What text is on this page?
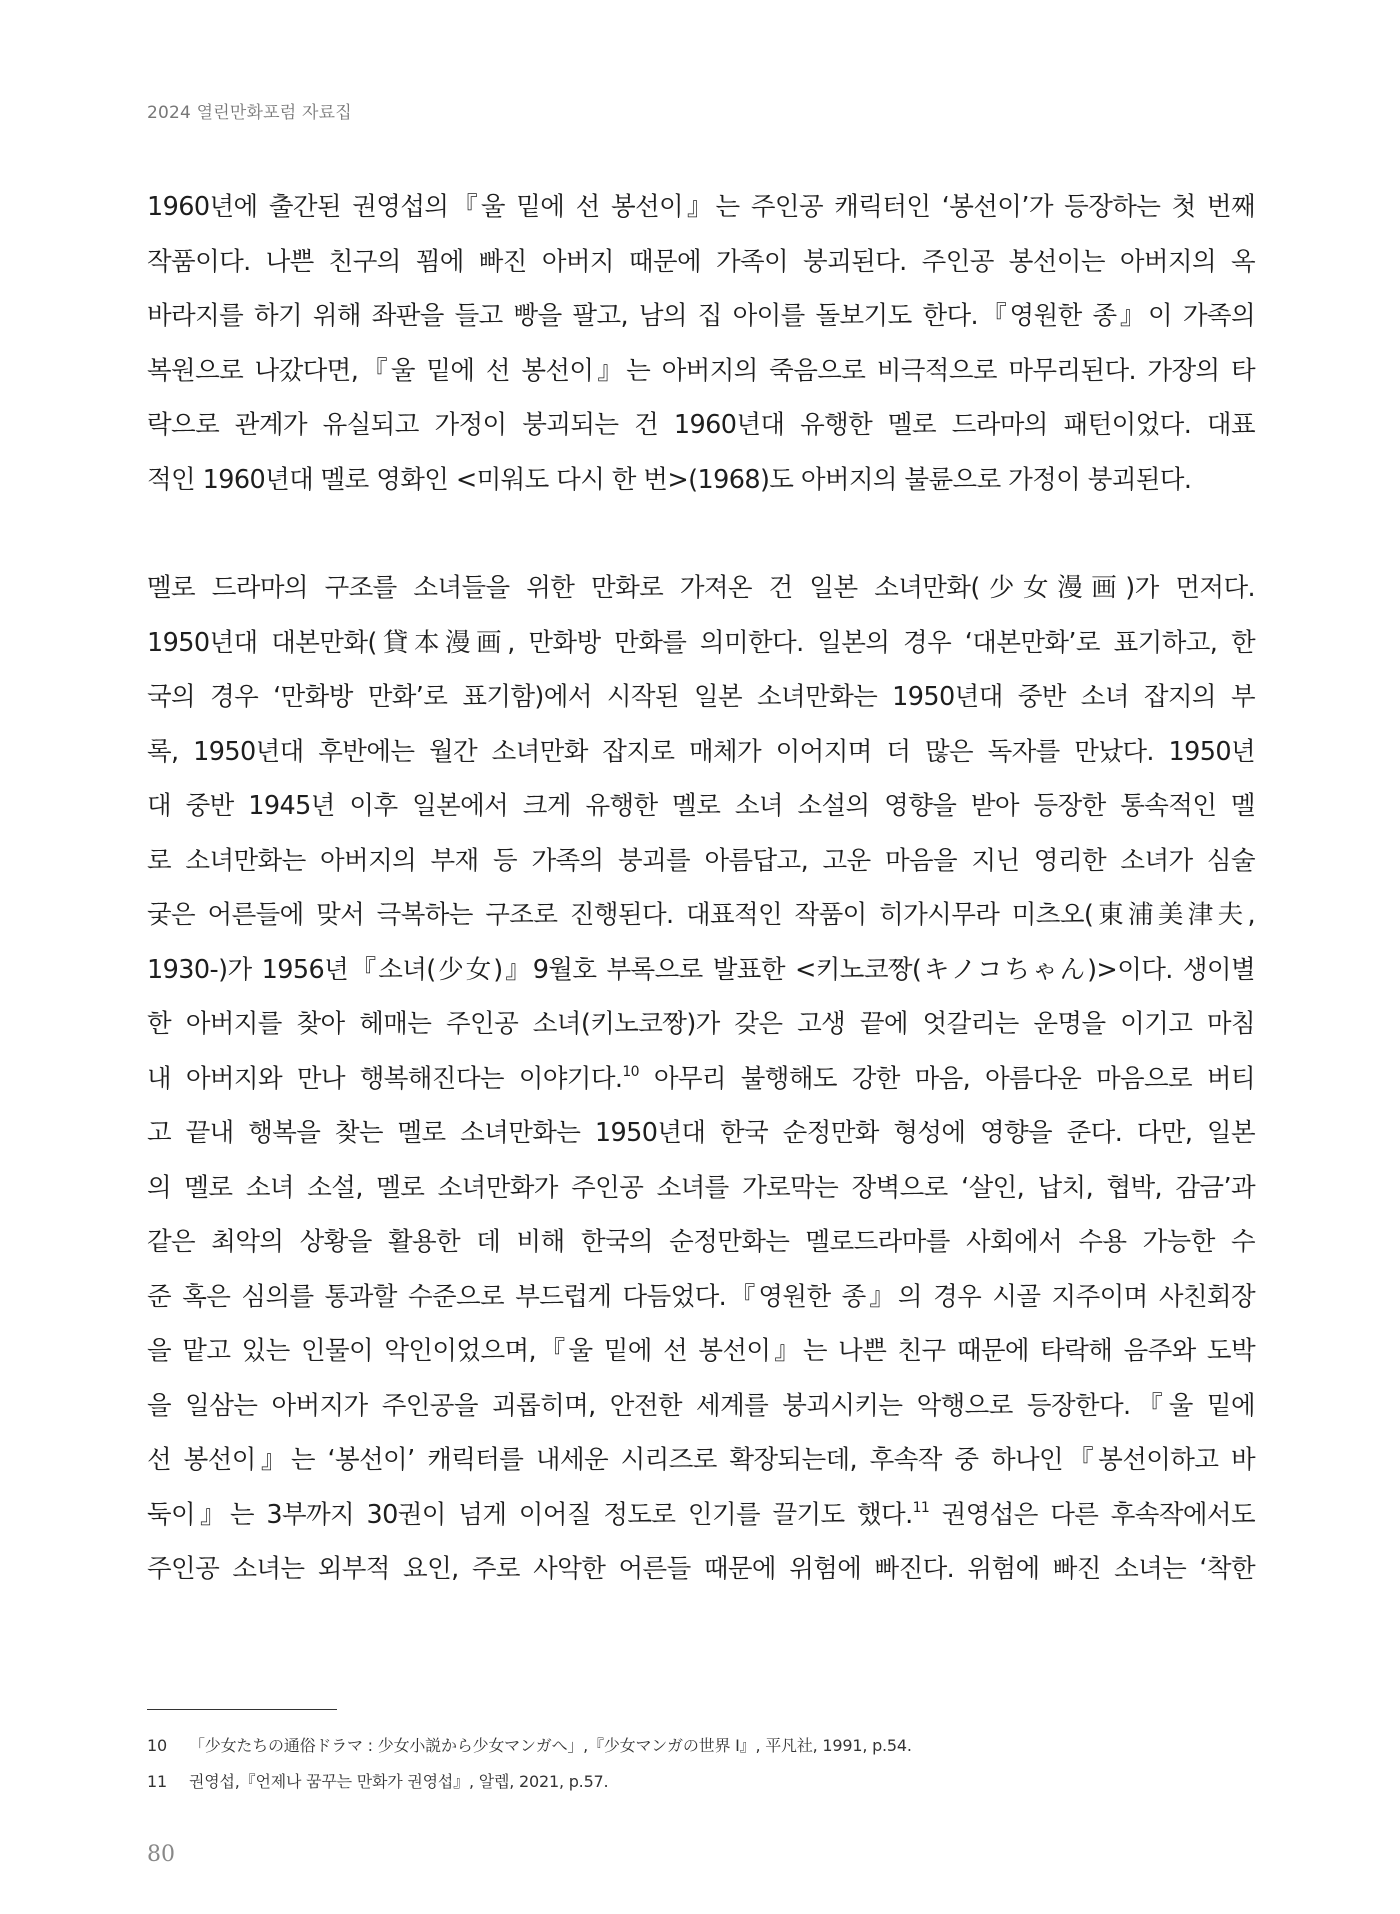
2024 열린만화포럼 자료집

1960년에 출간된 권영섭의『울 밑에 선 봉선이』는 주인공 캐릭터인 ‘봉선이’가 등장하는 첫 번째
작품이다. 나쁜 친구의 꾐에 빠진 아버지 때문에 가족이 붕괴된다. 주인공 봉선이는 아버지의 옥
바라지를 하기 위해 좌판을 들고 빵을 팔고, 남의 집 아이를 돌보기도 한다.『영원한 종』이 가족의
복원으로 나갔다면,『울 밑에 선 봉선이』는 아버지의 죽음으로 비극적으로 마무리된다. 가장의 타
락으로 관계가 유실되고 가정이 붕괴되는 건 1960년대 유행한 멜로 드라마의 패턴이었다. 대표
적인 1960년대 멜로 영화인 <미워도 다시 한 번>(1968)도 아버지의 불륜으로 가정이 붕괴된다.

멜로 드라마의 구조를 소녀들을 위한 만화로 가져온 건 일본 소녀만화(少女漫画)가 먼저다.
1950년대 대본만화(貸本漫画, 만화방 만화를 의미한다. 일본의 경우 ‘대본만화’로 표기하고, 한
국의 경우 ‘만화방 만화’로 표기함)에서 시작된 일본 소녀만화는 1950년대 중반 소녀 잡지의 부
록, 1950년대 후반에는 월간 소녀만화 잡지로 매체가 이어지며 더 많은 독자를 만났다. 1950년
대 중반 1945년 이후 일본에서 크게 유행한 멜로 소녀 소설의 영향을 받아 등장한 통속적인 멜
로 소녀만화는 아버지의 부재 등 가족의 붕괴를 아름답고, 고운 마음을 지닌 영리한 소녀가 심술
궂은 어른들에 맞서 극복하는 구조로 진행된다. 대표적인 작품이 히가시무라 미츠오(東浦美津夫,
1930-)가 1956년『소녀(少女)』9월호 부록으로 발표한 <키노코짱(キノコちゃん)>이다. 생이별
한 아버지를 찾아 헤매는 주인공 소녀(키노코짱)가 갖은 고생 끝에 엇갈리는 운명을 이기고 마침
내 아버지와 만나 행복해진다는 이야기다.$^{10}$ 아무리 불행해도 강한 마음, 아름다운 마음으로 버티
고 끝내 행복을 찾는 멜로 소녀만화는 1950년대 한국 순정만화 형성에 영향을 준다. 다만, 일본
의 멜로 소녀 소설, 멜로 소녀만화가 주인공 소녀를 가로막는 장벽으로 ‘살인, 납치, 협박, 감금’과
같은 최악의 상황을 활용한 데 비해 한국의 순정만화는 멜로드라마를 사회에서 수용 가능한 수
준 혹은 심의를 통과할 수준으로 부드럽게 다듬었다.『영원한 종』의 경우 시골 지주이며 사친회장
을 맡고 있는 인물이 악인이었으며,『울 밑에 선 봉선이』는 나쁜 친구 때문에 타락해 음주와 도박
을 일삼는 아버지가 주인공을 괴롭히며, 안전한 세계를 붕괴시키는 악행으로 등장한다.『울 밑에
선 봉선이』는 ‘봉선이’ 캐릭터를 내세운 시리즈로 확장되는데, 후속작 중 하나인『봉선이하고 바
둑이』는 3부까지 30권이 넘게 이어질 정도로 인기를 끌기도 했다.$^{11}$ 권영섭은 다른 후속작에서도
주인공 소녀는 외부적 요인, 주로 사악한 어른들 때문에 위험에 빠진다. 위험에 빠진 소녀는 ‘착한

10 「少女たちの通俗ドラマ : 少女小説から少女マンガへ」,『少女マンガの世界 Ⅰ』, 平凡社, 1991, p.54.
11 권영섭,『언제나 꿈꾸는 만화가 권영섭』, 알렙, 2021, p.57.
80
